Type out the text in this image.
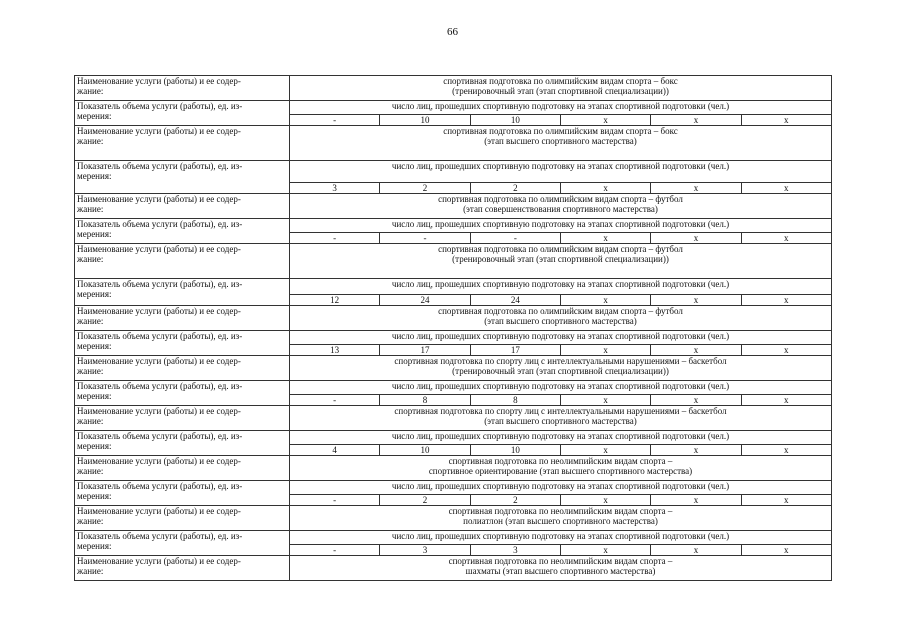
66
Наименование услуги (работы) и ее содер-
жание:
спортивная подготовка по олимпийским видам спорта – бокс
(тренировочный этап (этап спортивной специализации))
Показатель объема услуги (работы), ед. из-
мерения:
число лиц, прошедших спортивную подготовку на этапах спортивной подготовки (чел.)
-	10	10	x	x	x
Наименование услуги (работы) и ее содер-
жание:
спортивная подготовка по олимпийским видам спорта – бокс
(этап высшего спортивного мастерства)
Показатель объема услуги (работы), ед. из-
мерения:
число лиц, прошедших спортивную подготовку на этапах спортивной подготовки (чел.)
3	2	2	x	x	x
Наименование услуги (работы) и ее содер-
жание:
спортивная подготовка по олимпийским видам спорта – футбол
(этап совершенствования спортивного мастерства)
Показатель объема услуги (работы), ед. из-
мерения:
число лиц, прошедших спортивную подготовку на этапах спортивной подготовки (чел.)
-	-	-	x	x	x
Наименование услуги (работы) и ее содер-
жание:
спортивная подготовка по олимпийским видам спорта – футбол
(тренировочный этап (этап спортивной специализации))
Показатель объема услуги (работы), ед. из-
мерения:
число лиц, прошедших спортивную подготовку на этапах спортивной подготовки (чел.)
12	24	24	x	x	x
Наименование услуги (работы) и ее содер-
жание:
спортивная подготовка по олимпийским видам спорта – футбол
(этап высшего спортивного мастерства)
Показатель объема услуги (работы), ед. из-
мерения:
число лиц, прошедших спортивную подготовку на этапах спортивной подготовки (чел.)
13	17	17	x	x	x
Наименование услуги (работы) и ее содер-
жание:
спортивная подготовка по спорту лиц с интеллектуальными нарушениями – баскетбол
(тренировочный этап (этап спортивной специализации))
Показатель объема услуги (работы), ед. из-
мерения:
число лиц, прошедших спортивную подготовку на этапах спортивной подготовки (чел.)
-	8	8	x	x	x
Наименование услуги (работы) и ее содер-
жание:
спортивная подготовка по спорту лиц с интеллектуальными нарушениями – баскетбол
(этап высшего спортивного мастерства)
Показатель объема услуги (работы), ед. из-
мерения:
число лиц, прошедших спортивную подготовку на этапах спортивной подготовки (чел.)
4	10	10	x	x	x
Наименование услуги (работы) и ее содер-
жание:
спортивная подготовка по неолимпийским видам спорта –
спортивное ориентирование (этап высшего спортивного мастерства)
Показатель объема услуги (работы), ед. из-
мерения:
число лиц, прошедших спортивную подготовку на этапах спортивной подготовки (чел.)
-	2	2	x	x	x
Наименование услуги (работы) и ее содер-
жание:
спортивная подготовка по неолимпийским видам спорта –
полиатлон (этап высшего спортивного мастерства)
Показатель объема услуги (работы), ед. из-
мерения:
число лиц, прошедших спортивную подготовку на этапах спортивной подготовки (чел.)
-	3	3	x	x	x
Наименование услуги (работы) и ее содер-
жание:
спортивная подготовка по неолимпийским видам спорта –
шахматы (этап высшего спортивного мастерства)
